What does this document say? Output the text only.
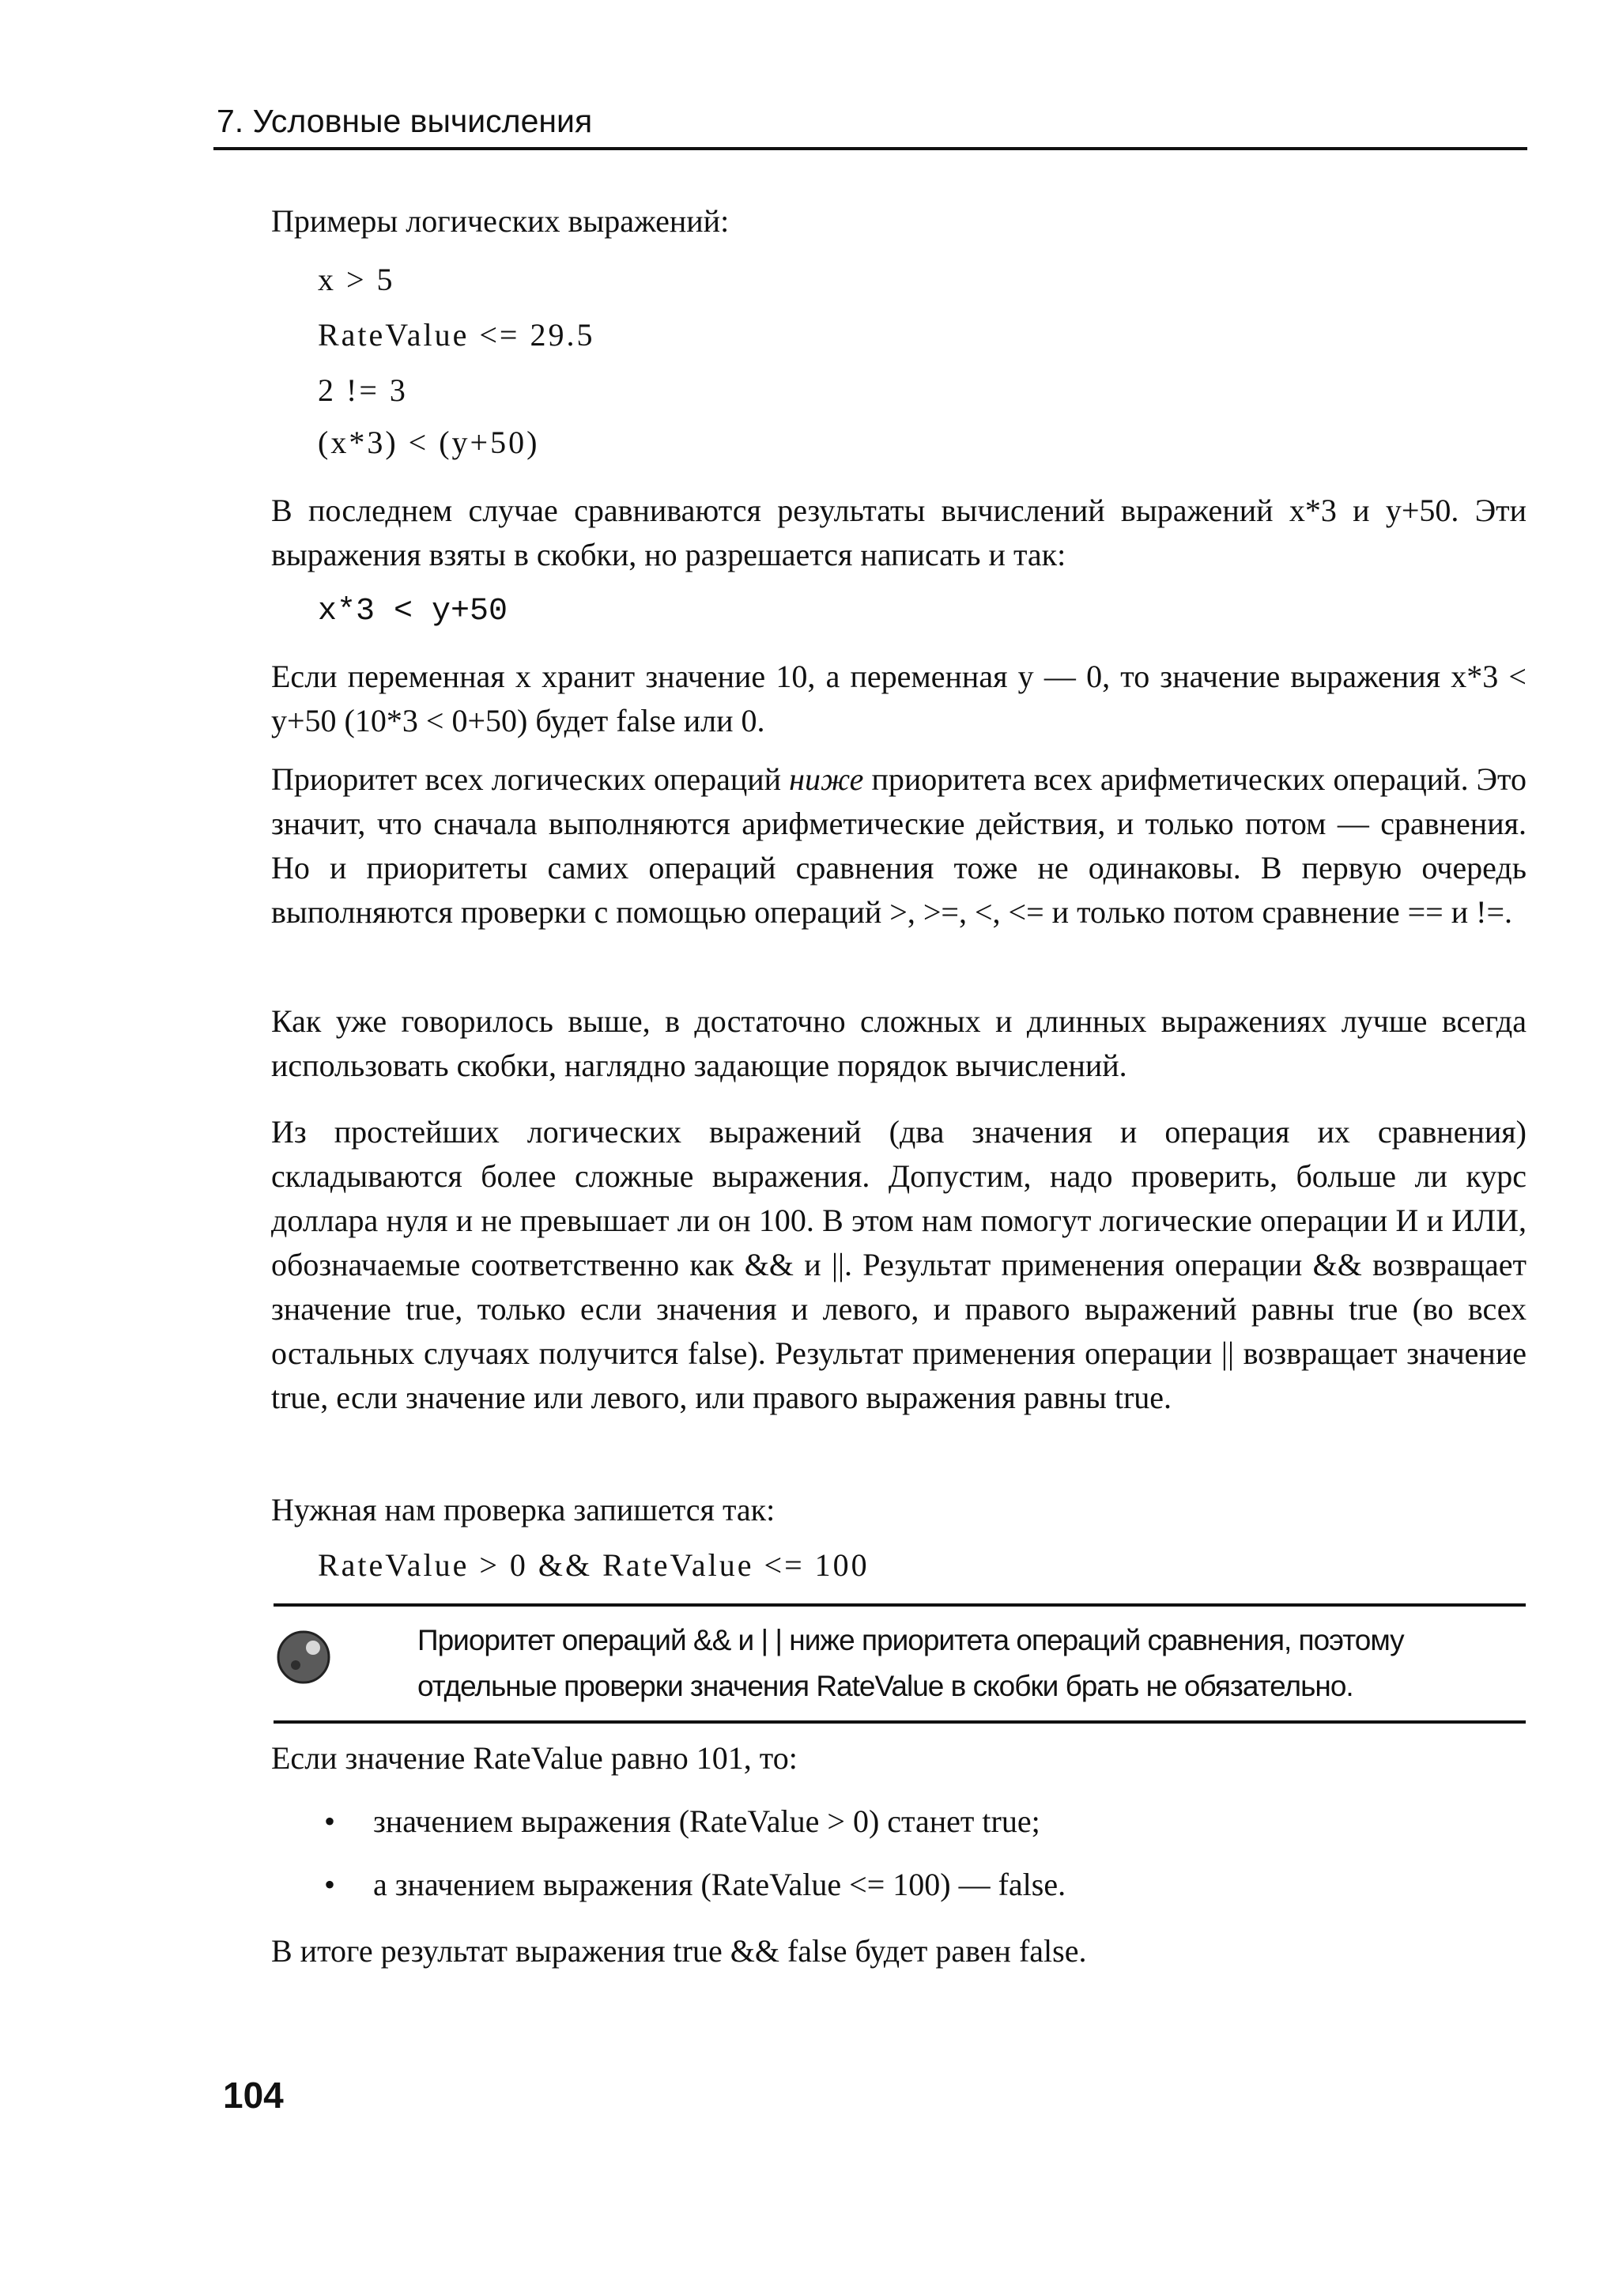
7. Условные вычисления
Примеры логических выражений:
x > 5
RateValue <= 29.5
2 != 3
(x*3) < (y+50)
В последнем случае сравниваются результаты вычислений выражений x*3 и y+50. Эти выражения взяты в скобки, но разрешается написать и так:
x*3 < y+50
Если переменная x хранит значение 10, а переменная у — 0, то значение выражения x*3 < y+50 (10*3 < 0+50) будет false или 0.
Приоритет всех логических операций ниже приоритета всех арифметических операций. Это значит, что сначала выполняются арифметические действия, и только потом — сравнения. Но и приоритеты самих операций сравнения тоже не одинаковы. В первую очередь выполняются проверки с помощью операций >, >=, <, <= и только потом сравнение == и !=.
Как уже говорилось выше, в достаточно сложных и длинных выражениях лучше всегда использовать скобки, наглядно задающие порядок вычислений.
Из простейших логических выражений (два значения и операция их сравнения) складываются более сложные выражения. Допустим, надо проверить, больше ли курс доллара нуля и не превышает ли он 100. В этом нам помогут логические операции И и ИЛИ, обозначаемые соответственно как && и ||. Результат применения операции && возвращает значение true, только если значения и левого, и правого выражений равны true (во всех остальных случаях получится false). Результат применения операции || возвращает значение true, если значение или левого, или правого выражения равны true.
Нужная нам проверка запишется так:
RateValue > 0 && RateValue <= 100
Приоритет операций && и | | ниже приоритета операций сравнения, поэтому отдельные проверки значения RateValue в скобки брать не обязательно.
Если значение RateValue равно 101, то:
• значением выражения (RateValue > 0) станет true;
• а значением выражения (RateValue <= 100) — false.
В итоге результат выражения true && false будет равен false.
104
